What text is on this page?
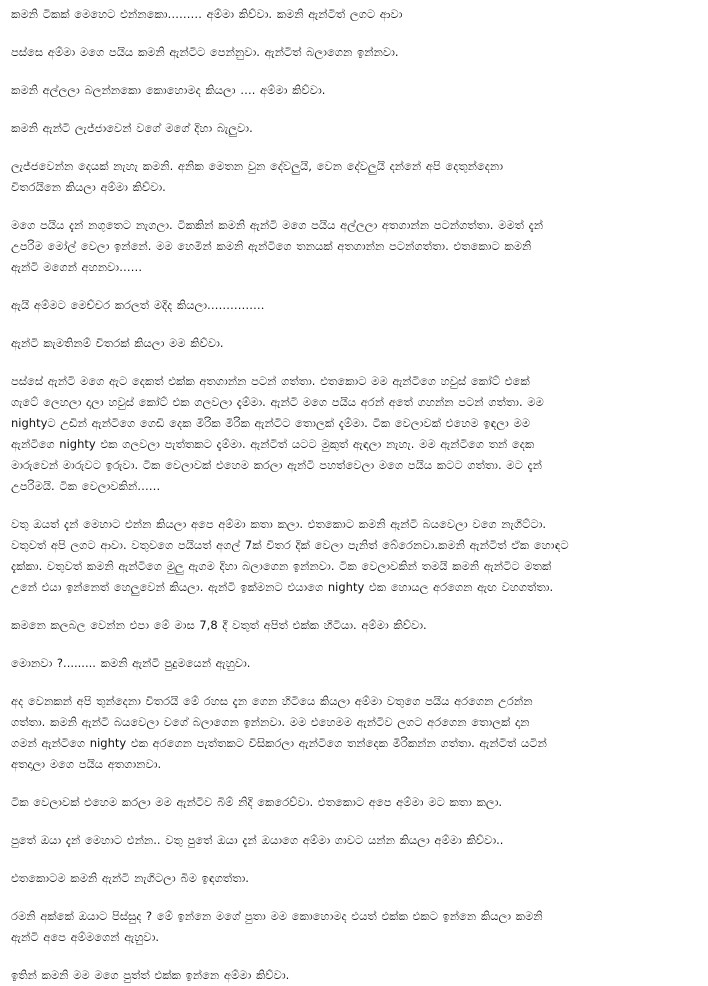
කමනි ටිකක් මෙහෙට එන්නකො……… අම්මා කිව්වා. කමනි ඇන්ටිත් ලගට ආවා

පස්සෙ අම්මා මගෙ පයිය කමනි ඇන්ටිට පෙන්නුවා. ඇන්ටිත් බලාගෙන ඉන්නවා.

කමනි අල්ලලා බලන්නකො කොහොමද කියලා …. අම්මා කිව්වා.

කමනි ඇන්ටි ලැජ්ජාවෙන් වගේ මගේ දිහා බැලුවා.

ලැජ්ජවෙන්න දෙයක් නැහැ කමනි. අනික මෙතන වුන දේවලුයි, වෙන දේවලුයි දන්නේ අපි දෙතුන්දෙනා
විතරයිනෙ කියලා අම්මා කිව්වා.

මගෙ පයිය දැන් නගුතෙට නැගලා. ටිකකින් කමනි ඇන්ටි මගෙ පයිය අල්ලලා අතගාන්න පටන්ගත්තා. මමත් දැන්
උපරිම මෝල් වෙලා ඉන්නේ. මම හෙමින් කමනි ඇන්ටිගෙ තනයක් අතගාන්න පටන්ගත්තා. එතකොට කමනි
ඇන්ටි මගෙන් අහනවා……

ඇයි අම්මට මෙච්චර කරලත් මදිද කියලා……………

ඇන්ටි කැමතිනම් විතරක් කියලා මම කිව්වා.

පස්සේ ඇන්ටි මගෙ ඇට දෙකත් එක්ක අතගාන්න පටන් ගත්තා. එතකොට මම ඇන්ටිගෙ හවුස් කෝට් එකේ
ගැටේ ලෙහලා දාලා හවුස් කෝට් එක ගලවලා දැම්මා. ඇන්ටි මගෙ පයිය අරන් අතේ ගහන්න පටන් ගත්තා. මම
nightyට උඩින් ඇන්ටිගෙ ගෙඩි දෙක මිරික මිරික ඇන්ටිට තොලක් දැම්මා. ටික වෙලාවක් එහෙම ඉඳලා මම
ඇන්ටිගෙ nighty එක ගලවලා පැත්තකට දැම්මා. ඇන්ටිත් යටට මුකුත් ඇඳලා නැහැ. මම ඇන්ටිගෙ තන් දෙක
මාරුවෙන් මාරුවට ඉරුවා. ටික වෙලාවක් එහෙම කරලා ඇන්ටි පහත්වෙලා මගෙ පයිය කටට ගත්තා. මට දැන්
උපරිමයි. ටික වෙලාවකින්……

වතු ඔයත් දැන් මෙහාට එන්න කියලා අපෙ අම්මා කතා කලා. එතකොට කමනි ඇන්ටි බයවෙලා වගෙ නැගිට්ටා.
වතුවත් අපි ලගට ආවා. වතුවගෙ පයියත් අගල් 7ක් විතර දික් වෙලා පැනිත් බේරෙනවා.කමනි ඇන්ටිත් ඒක හොඳට
දැක්කා. වතුවත් කමනි ඇන්ටිගෙ මුලු ඇගම දිහා බලාගෙන ඉන්නවා. ටික වෙලාවකින් තමයි කමනි ඇන්ටිට මතක්
උනේ එයා ඉන්නෙත් හෙලුවෙන් කියලා. ඇන්ටි ඉක්මනට එයාගෙ nighty එක හොයල අරගෙන ඇඟ වහගත්තා.

කමනෙ කලබල වෙන්න එපා මේ මාස 7,8 දී වතුත් අපිත් එක්ක හිටියා. අම්මා කිව්වා.

මොනවා ?......... කමනි ඇන්ටි පුදුමයෙන් ඇහුවා.

අද වෙනකන් අපි තුන්දෙනා විතරයි මේ රහස දැන ගෙන හිටියෙ කියලා අම්මා වතුගෙ පයිය අරගෙන උරන්න
ගත්තා. කමනි ඇන්ටි බයවෙලා වගේ බලාගෙන ඉන්නවා. මම එහෙමම ඇන්ටිව ලගට අරගෙන තොලක් දාන
ගමන් ඇන්ටිගෙ nighty එක අරගෙන පැත්තකට විසිකරලා ඇන්ටිගෙ තන්දෙක මිරිකන්න ගත්තා. ඇන්ටිත් යටින්
අතදාලා මගෙ පයිය අතගානවා.

ටික වෙලාවක් එහෙම කරලා මම ඇන්ටිව බිම් නිදි කෙරෙව්වා. එතකොට අපෙ අම්මා මට කතා කලා.

පුතේ ඔයා දැන් මෙහාට එන්න.. වතු පුතේ ඔයා දැන් ඔයාගෙ අම්මා ගාවට යන්න කියලා අම්මා කිව්වා..

එතකොටම කමනි ඇන්ටි නැගිටලා බිම ඉඳගත්තා.

රමනි අක්කේ ඔයාට පිස්සුද ? මේ ඉන්නෙ මගේ පුතා මම කොහොමද එයත් එක්ක එකට ඉන්නෙ කියලා කමනි
ඇන්ටි අපෙ අම්මගෙන් ඇහුවා.

ඉතින් කමනි මම මගෙ පුත්ත් එක්ක ඉන්නෙ අම්මා කිව්වා.
